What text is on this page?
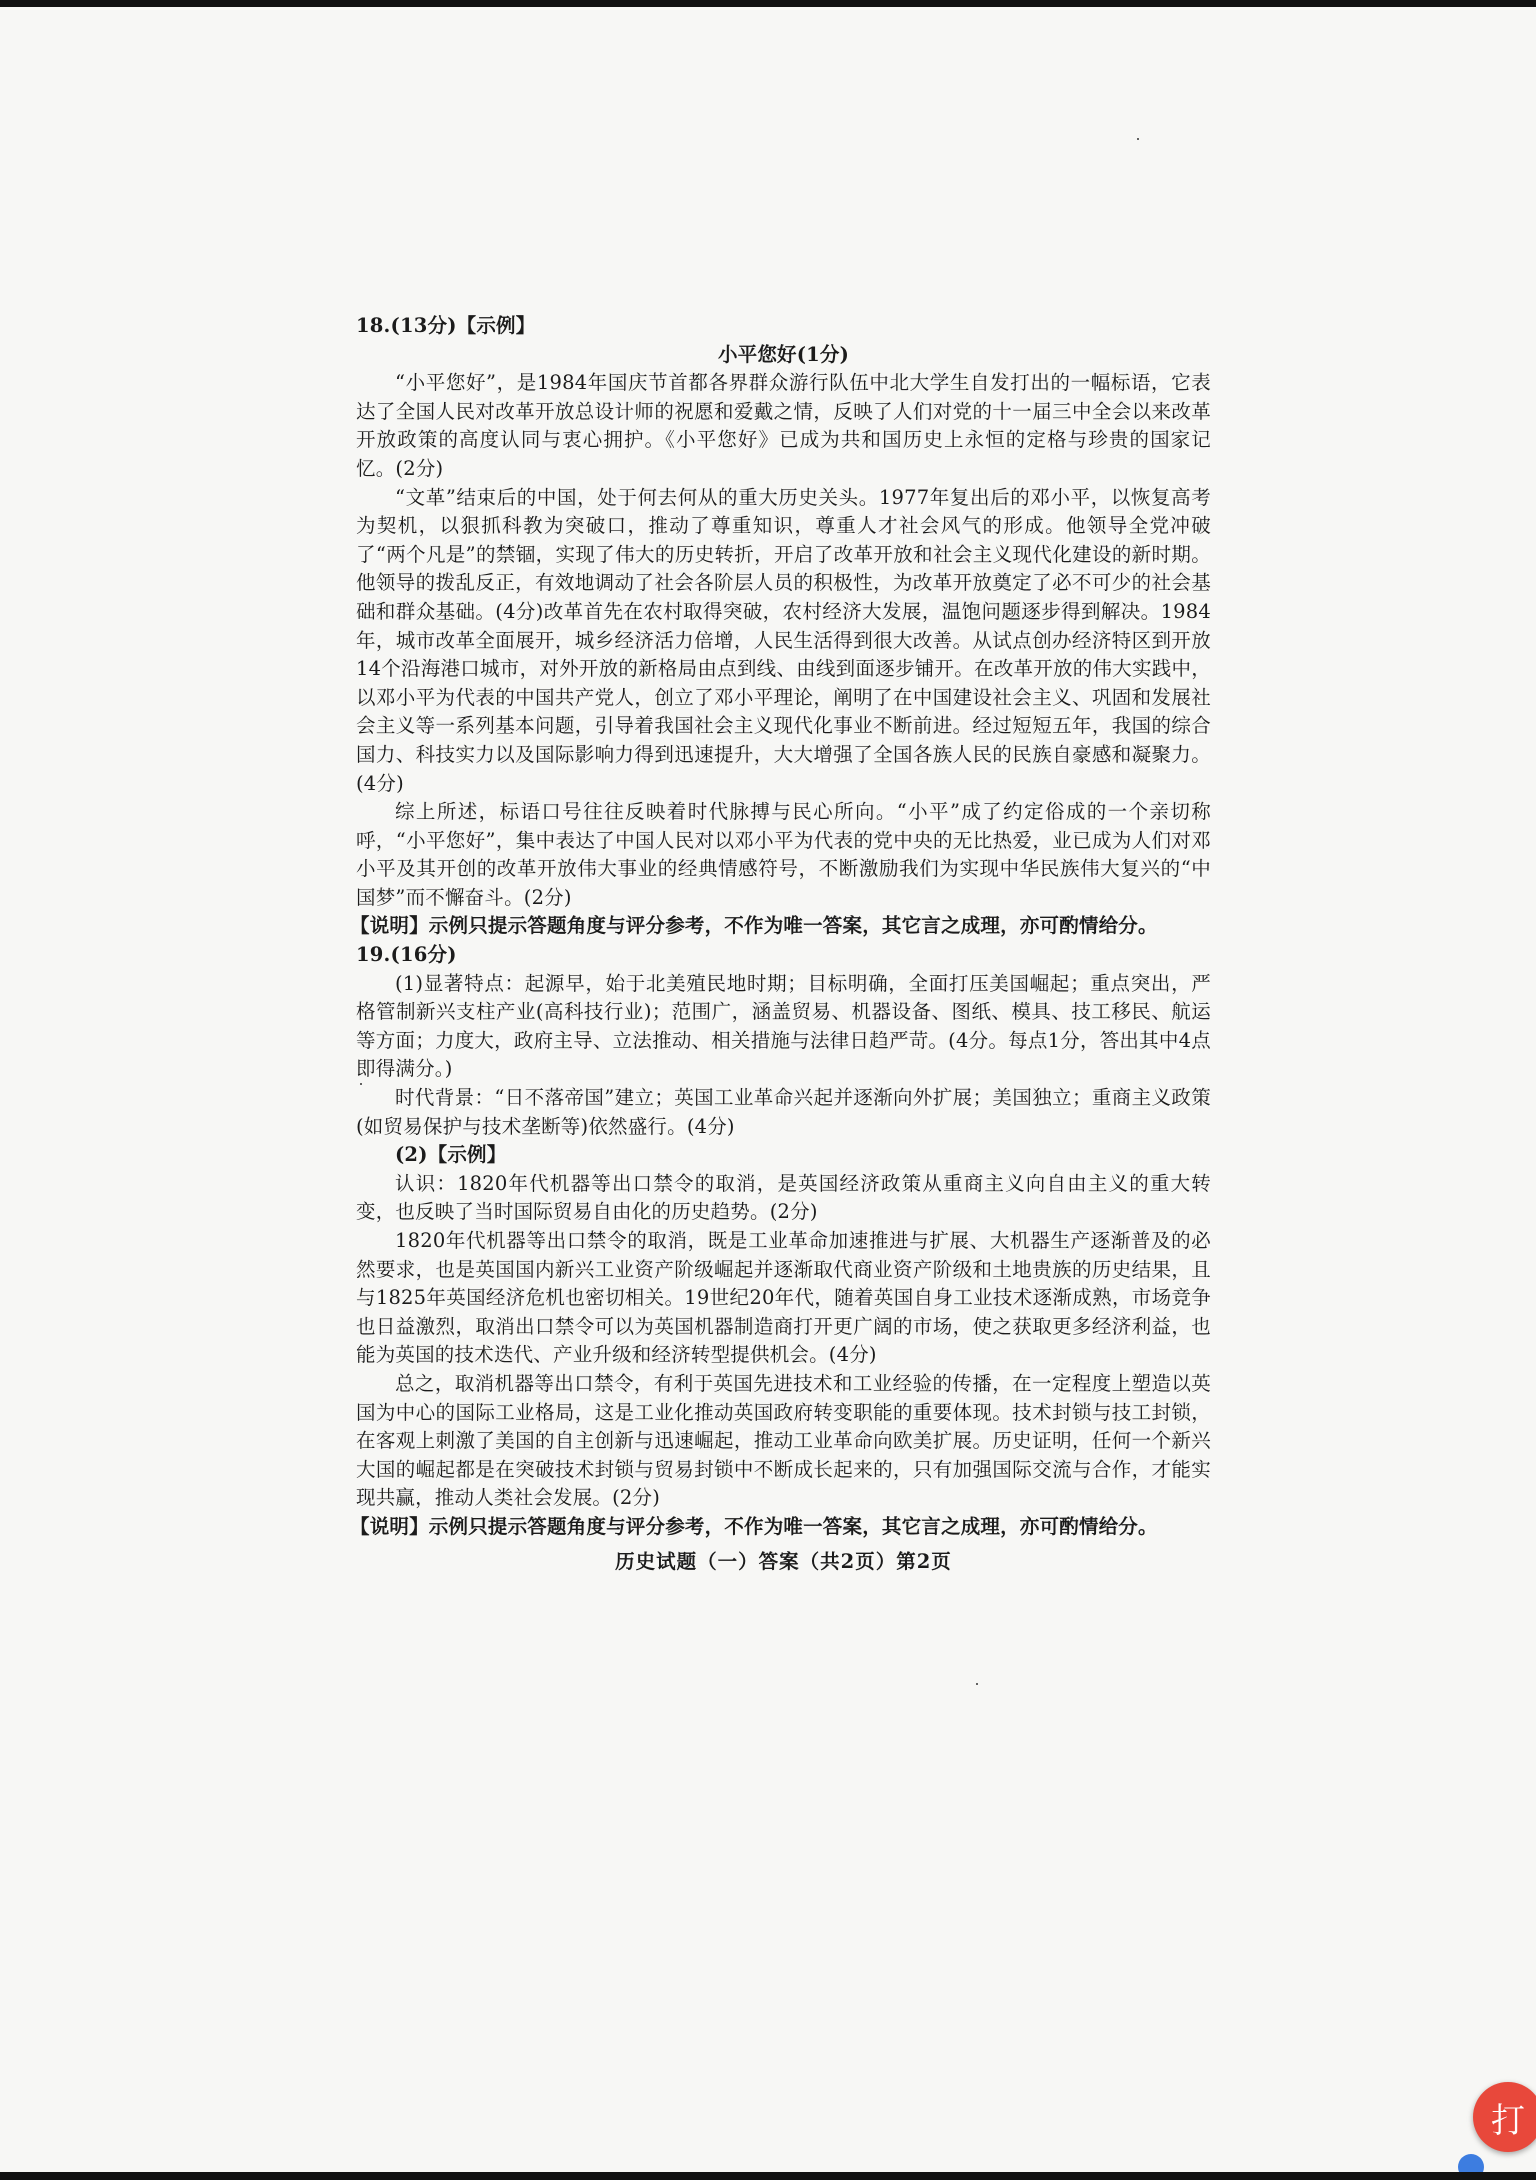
18.(13分)【示例】

小平您好(1分)

“小平您好”，是1984年国庆节首都各界群众游行队伍中北大学生自发打出的一幅标语，它表达了全国人民对改革开放总设计师的祝愿和爱戴之情，反映了人们对党的十一届三中全会以来改革开放政策的高度认同与衷心拥护。《小平您好》已成为共和国历史上永恒的定格与珍贵的国家记忆。(2分)

“文革”结束后的中国，处于何去何从的重大历史关头。1977年复出后的邓小平，以恢复高考为契机，以狠抓科教为突破口，推动了尊重知识，尊重人才社会风气的形成。他领导全党冲破了“两个凡是”的禁锢，实现了伟大的历史转折，开启了改革开放和社会主义现代化建设的新时期。他领导的拨乱反正，有效地调动了社会各阶层人员的积极性，为改革开放奠定了必不可少的社会基础和群众基础。(4分)改革首先在农村取得突破，农村经济大发展，温饱问题逐步得到解决。1984年，城市改革全面展开，城乡经济活力倍增，人民生活得到很大改善。从试点创办经济特区到开放14个沿海港口城市，对外开放的新格局由点到线、由线到面逐步铺开。在改革开放的伟大实践中，以邓小平为代表的中国共产党人，创立了邓小平理论，阐明了在中国建设社会主义、巩固和发展社会主义等一系列基本问题，引导着我国社会主义现代化事业不断前进。经过短短五年，我国的综合国力、科技实力以及国际影响力得到迅速提升，大大增强了全国各族人民的民族自豪感和凝聚力。(4分)

综上所述，标语口号往往反映着时代脉搏与民心所向。“小平”成了约定俗成的一个亲切称呼，“小平您好”，集中表达了中国人民对以邓小平为代表的党中央的无比热爱，业已成为人们对邓小平及其开创的改革开放伟大事业的经典情感符号，不断激励我们为实现中华民族伟大复兴的“中国梦”而不懈奋斗。(2分)

【说明】示例只提示答题角度与评分参考，不作为唯一答案，其它言之成理，亦可酌情给分。

19.(16分)

(1)显著特点：起源早，始于北美殖民地时期；目标明确，全面打压美国崛起；重点突出，严格管制新兴支柱产业(高科技行业)；范围广，涵盖贸易、机器设备、图纸、模具、技工移民、航运等方面；力度大，政府主导、立法推动、相关措施与法律日趋严苛。(4分。每点1分，答出其中4点即得满分。)

时代背景：“日不落帝国”建立；英国工业革命兴起并逐渐向外扩展；美国独立；重商主义政策(如贸易保护与技术垄断等)依然盛行。(4分)

(2)【示例】

认识：1820年代机器等出口禁令的取消，是英国经济政策从重商主义向自由主义的重大转变，也反映了当时国际贸易自由化的历史趋势。(2分)

1820年代机器等出口禁令的取消，既是工业革命加速推进与扩展、大机器生产逐渐普及的必然要求，也是英国国内新兴工业资产阶级崛起并逐渐取代商业资产阶级和土地贵族的历史结果，且与1825年英国经济危机也密切相关。19世纪20年代，随着英国自身工业技术逐渐成熟，市场竞争也日益激烈，取消出口禁令可以为英国机器制造商打开更广阔的市场，使之获取更多经济利益，也能为英国的技术迭代、产业升级和经济转型提供机会。(4分)

总之，取消机器等出口禁令，有利于英国先进技术和工业经验的传播，在一定程度上塑造以英国为中心的国际工业格局，这是工业化推动英国政府转变职能的重要体现。技术封锁与技工封锁，在客观上刺激了美国的自主创新与迅速崛起，推动工业革命向欧美扩展。历史证明，任何一个新兴大国的崛起都是在突破技术封锁与贸易封锁中不断成长起来的，只有加强国际交流与合作，才能实现共赢，推动人类社会发展。(2分)

【说明】示例只提示答题角度与评分参考，不作为唯一答案，其它言之成理，亦可酌情给分。

历史试题（一）答案（共2页）第2页

打
